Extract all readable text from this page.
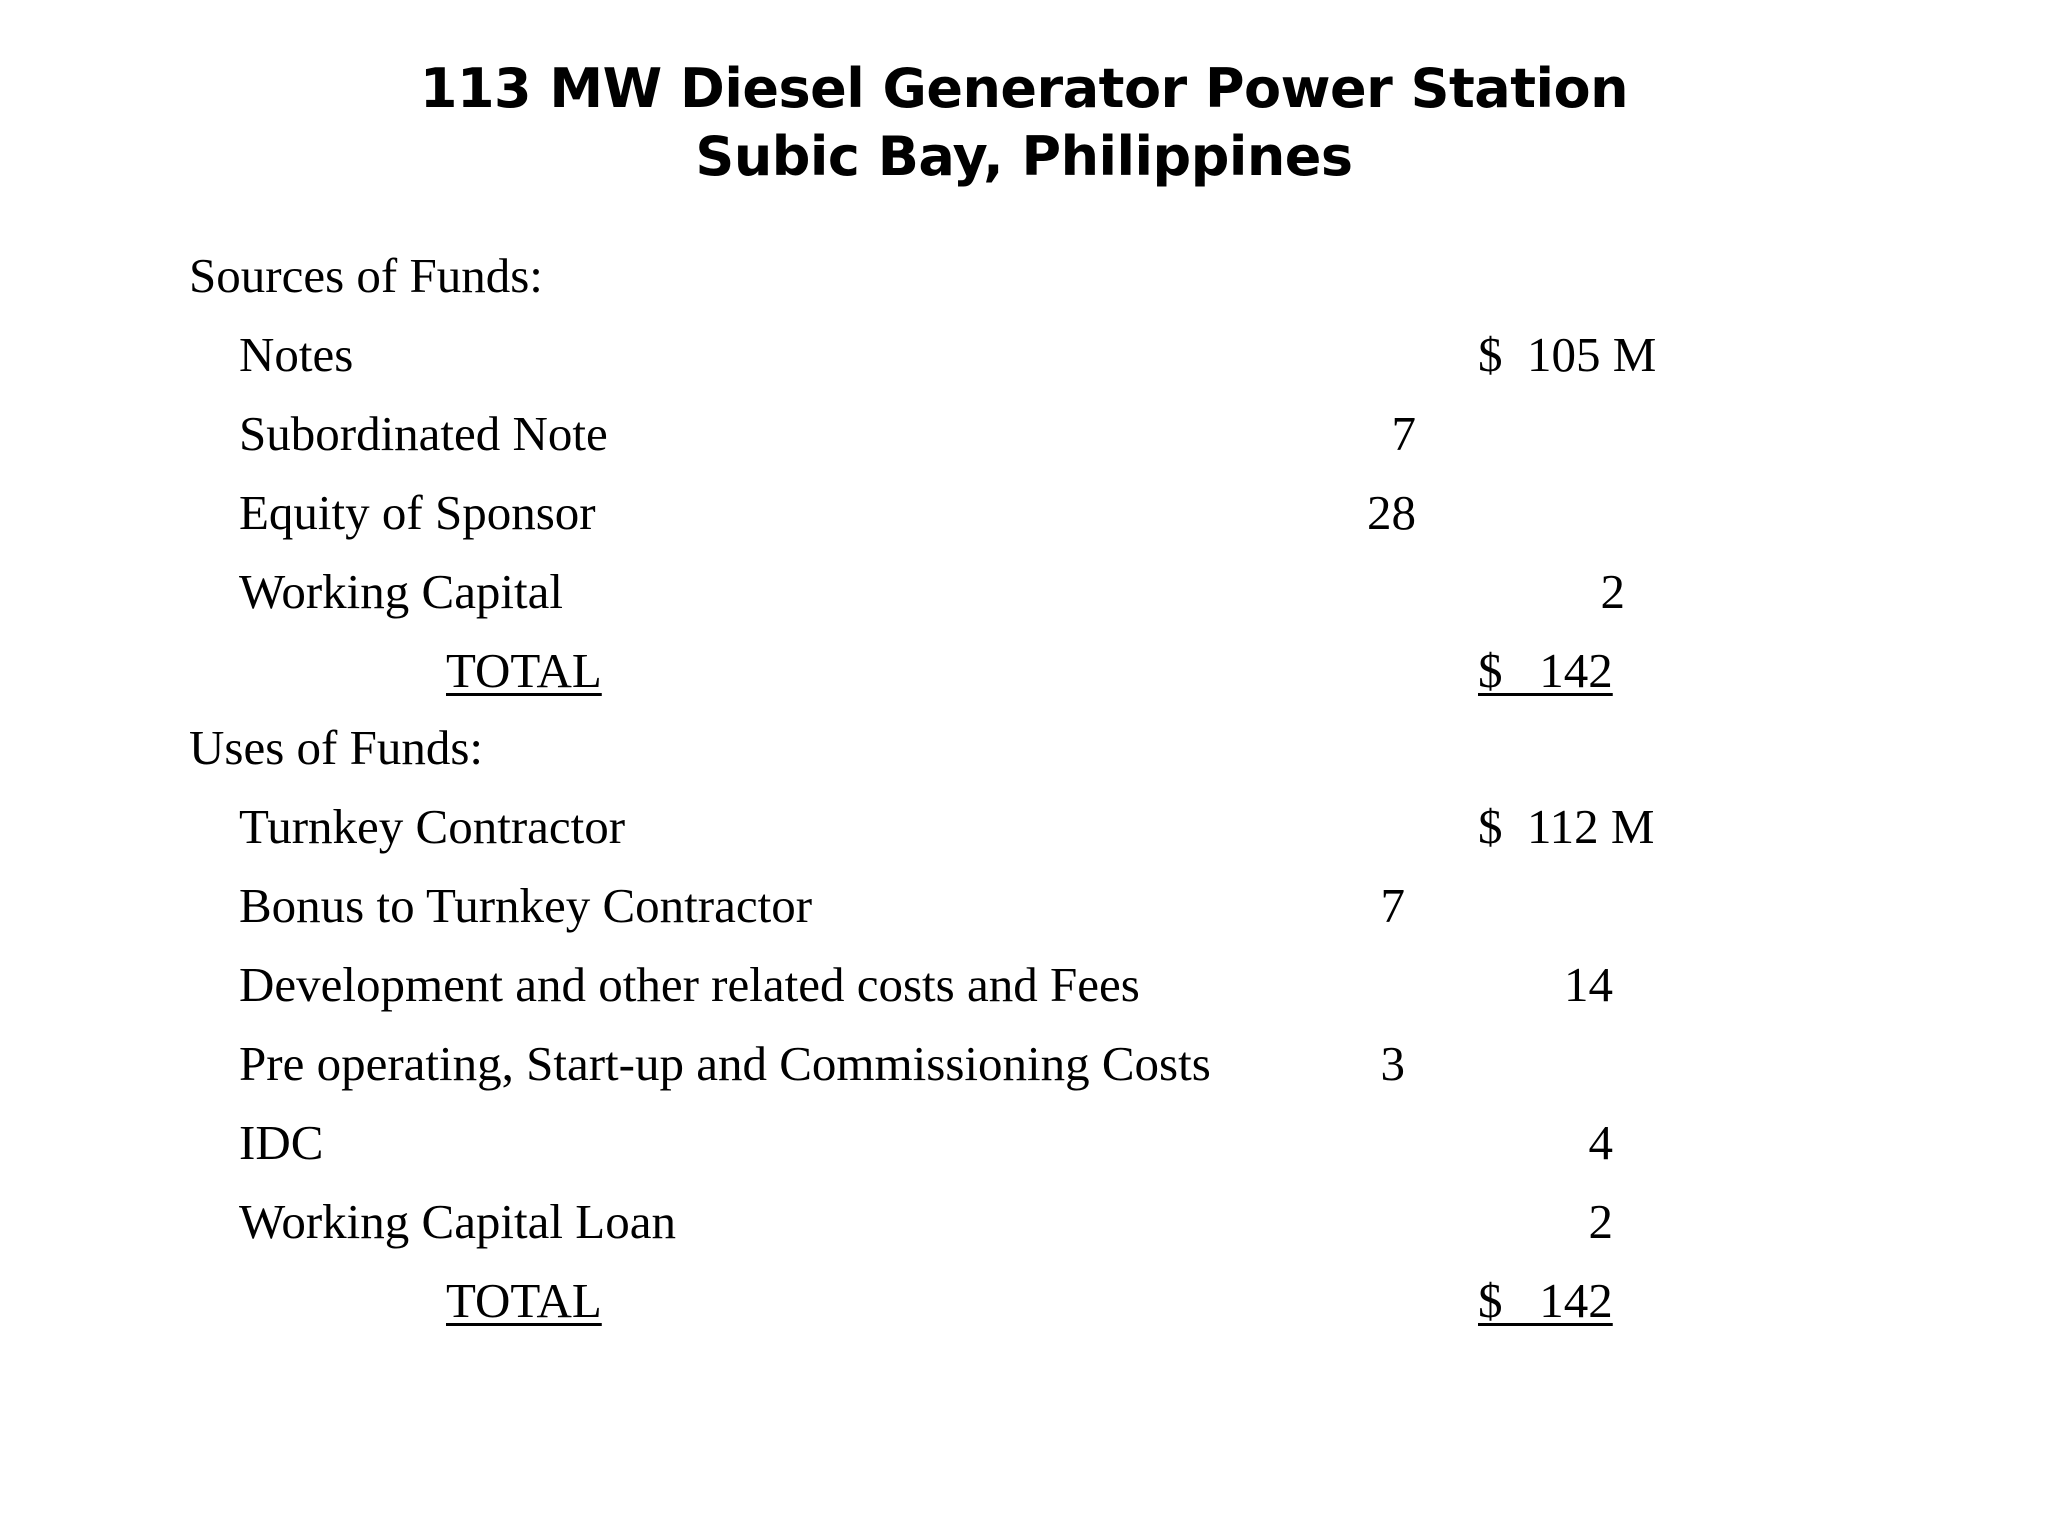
113 MW Diesel Generator Power Station
Subic Bay, Philippines
Sources of Funds:
Notes	$  105 M
Subordinated Note	7
Equity of Sponsor	28
Working Capital	2
TOTAL	$   142
Uses of Funds:
Turnkey Contractor	$  112 M
Bonus to Turnkey Contractor	7
Development and other related costs and Fees	14
Pre operating, Start-up and Commissioning Costs	3
IDC	4
Working Capital Loan	2
TOTAL	$   142
